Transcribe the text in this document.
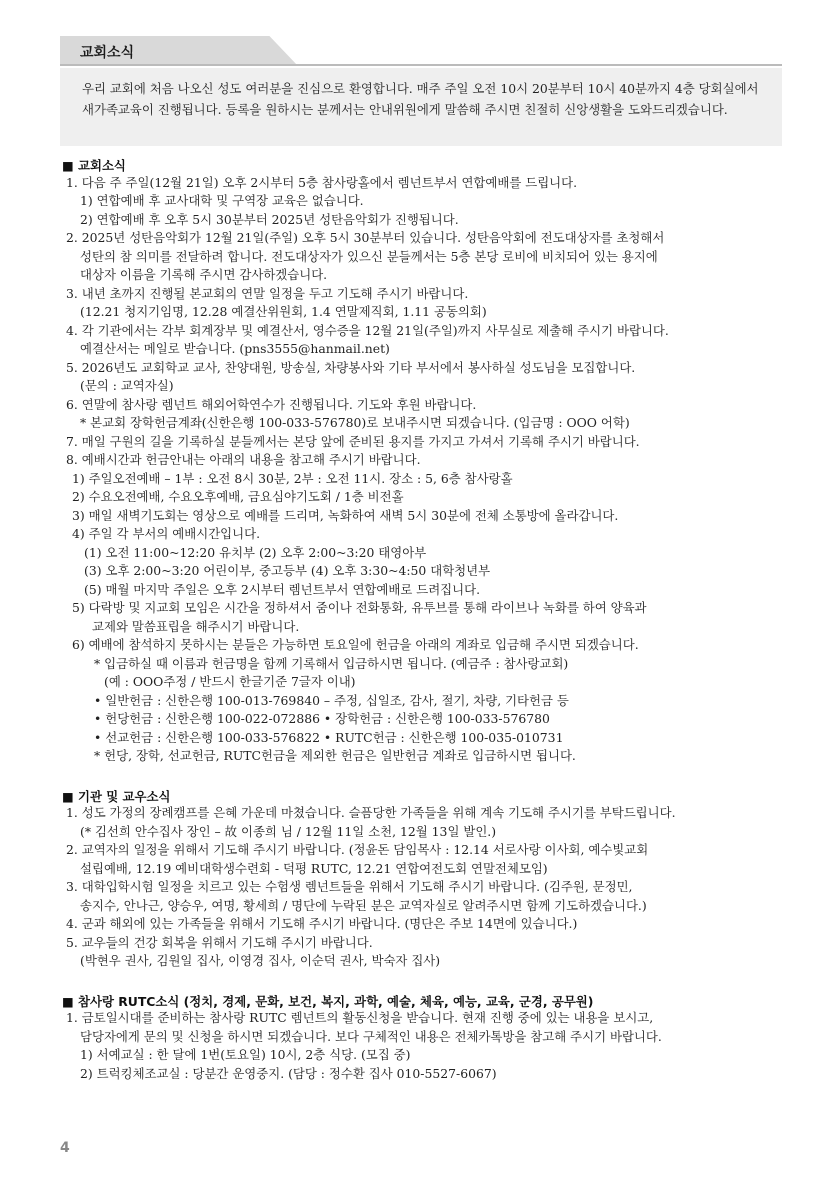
교회소식
우리 교회에 처음 나오신 성도 여러분을 진심으로 환영합니다. 매주 주일 오전 10시 20분부터 10시 40분까지 4층 당회실에서 새가족교육이 진행됩니다. 등록을 원하시는 분께서는 안내위원에게 말씀해 주시면 친절히 신앙생활을 도와드리겠습니다.
■ 교회소식
1. 다음 주 주일(12월 21일) 오후 2시부터 5층 참사랑홀에서 렘넌트부서 연합예배를 드립니다.
1) 연합예배 후 교사대학 및 구역장 교육은 없습니다.
2) 연합예배 후 오후 5시 30분부터 2025년 성탄음악회가 진행됩니다.
2. 2025년 성탄음악회가 12월 21일(주일) 오후 5시 30분부터 있습니다. 성탄음악회에 전도대상자를 초청해서
성탄의 참 의미를 전달하려 합니다. 전도대상자가 있으신 분들께서는 5층 본당 로비에 비치되어 있는 용지에
대상자 이름을 기록해 주시면 감사하겠습니다.
3. 내년 초까지 진행될 본교회의 연말 일정을 두고 기도해 주시기 바랍니다.
(12.21 청지기임명, 12.28 예결산위원회, 1.4 연말제직회, 1.11 공동의회)
4. 각 기관에서는 각부 회계장부 및 예결산서, 영수증을 12월 21일(주일)까지 사무실로 제출해 주시기 바랍니다.
예결산서는 메일로 받습니다. (pns3555@hanmail.net)
5. 2026년도 교회학교 교사, 찬양대원, 방송실, 차량봉사와 기타 부서에서 봉사하실 성도님을 모집합니다.
(문의 : 교역자실)
6. 연말에 참사랑 렘넌트 해외어학연수가 진행됩니다. 기도와 후원 바랍니다.
* 본교회 장학헌금계좌(신한은행 100-033-576780)로 보내주시면 되겠습니다. (입금명 : OOO 어학)
7. 매일 구원의 길을 기록하실 분들께서는 본당 앞에 준비된 용지를 가지고 가셔서 기록해 주시기 바랍니다.
8. 예배시간과 헌금안내는 아래의 내용을 참고해 주시기 바랍니다.
1) 주일오전예배 – 1부 : 오전 8시 30분, 2부 : 오전 11시. 장소 : 5, 6층 참사랑홀
2) 수요오전예배, 수요오후예배, 금요심야기도회 / 1층 비전홀
3) 매일 새벽기도회는 영상으로 예배를 드리며, 녹화하여 새벽 5시 30분에 전체 소통방에 올라갑니다.
4) 주일 각 부서의 예배시간입니다.
(1) 오전 11:00~12:20 유치부 (2) 오후 2:00~3:20 태영아부
(3) 오후 2:00~3:20 어린이부, 중고등부 (4) 오후 3:30~4:50 대학청년부
(5) 매월 마지막 주일은 오후 2시부터 렘넌트부서 연합예배로 드려집니다.
5) 다락방 및 지교회 모임은 시간을 정하셔서 줌이나 전화통화, 유투브를 통해 라이브나 녹화를 하여 양육과
교제와 말씀표립을 해주시기 바랍니다.
6) 예배에 참석하지 못하시는 분들은 가능하면 토요일에 헌금을 아래의 계좌로 입금해 주시면 되겠습니다.
* 입금하실 때 이름과 헌금명을 함께 기록해서 입금하시면 됩니다. (예금주 : 참사랑교회)
(예 : OOO주정 / 반드시 한글기준 7글자 이내)
• 일반헌금 : 신한은행 100-013-769840 – 주정, 십일조, 감사, 절기, 차량, 기타헌금 등
• 헌당헌금 : 신한은행 100-022-072886 • 장학헌금 : 신한은행 100-033-576780
• 선교헌금 : 신한은행 100-033-576822 • RUTC헌금 : 신한은행 100-035-010731
* 헌당, 장학, 선교헌금, RUTC헌금을 제외한 헌금은 일반헌금 계좌로 입금하시면 됩니다.
■ 기관 및 교우소식
1. 성도 가정의 장례캠프를 은혜 가운데 마쳤습니다. 슬픔당한 가족들을 위해 계속 기도해 주시기를 부탁드립니다.
(* 김선희 안수집사 장인 – 故 이종희 님 / 12월 11일 소천, 12월 13일 발인.)
2. 교역자의 일정을 위해서 기도해 주시기 바랍니다. (정윤돈 담임목사 : 12.14 서로사랑 이사회, 예수빛교회
설립예배, 12.19 예비대학생수련회 - 덕평 RUTC, 12.21 연합여전도회 연말전체모임)
3. 대학입학시험 일정을 치르고 있는 수험생 렘넌트들을 위해서 기도해 주시기 바랍니다. (김주원, 문정민,
송지수, 안나근, 양승우, 여명, 황세희 / 명단에 누락된 분은 교역자실로 알려주시면 함께 기도하겠습니다.)
4. 군과 해외에 있는 가족들을 위해서 기도해 주시기 바랍니다. (명단은 주보 14면에 있습니다.)
5. 교우들의 건강 회복을 위해서 기도해 주시기 바랍니다.
(박현우 권사, 김원일 집사, 이영경 집사, 이순덕 권사, 박숙자 집사)
■ 참사랑 RUTC소식 (정치, 경제, 문화, 보건, 복지, 과학, 예술, 체육, 예능, 교육, 군경, 공무원)
1. 금토일시대를 준비하는 참사랑 RUTC 렘넌트의 활동신청을 받습니다. 현재 진행 중에 있는 내용을 보시고,
담당자에게 문의 및 신청을 하시면 되겠습니다. 보다 구체적인 내용은 전체카톡방을 참고해 주시기 바랍니다.
1) 서예교실 : 한 달에 1번(토요일) 10시, 2층 식당. (모집 중)
2) 트럭킹체조교실 : 당분간 운영중지. (담당 : 정수환 집사 010-5527-6067)
4
